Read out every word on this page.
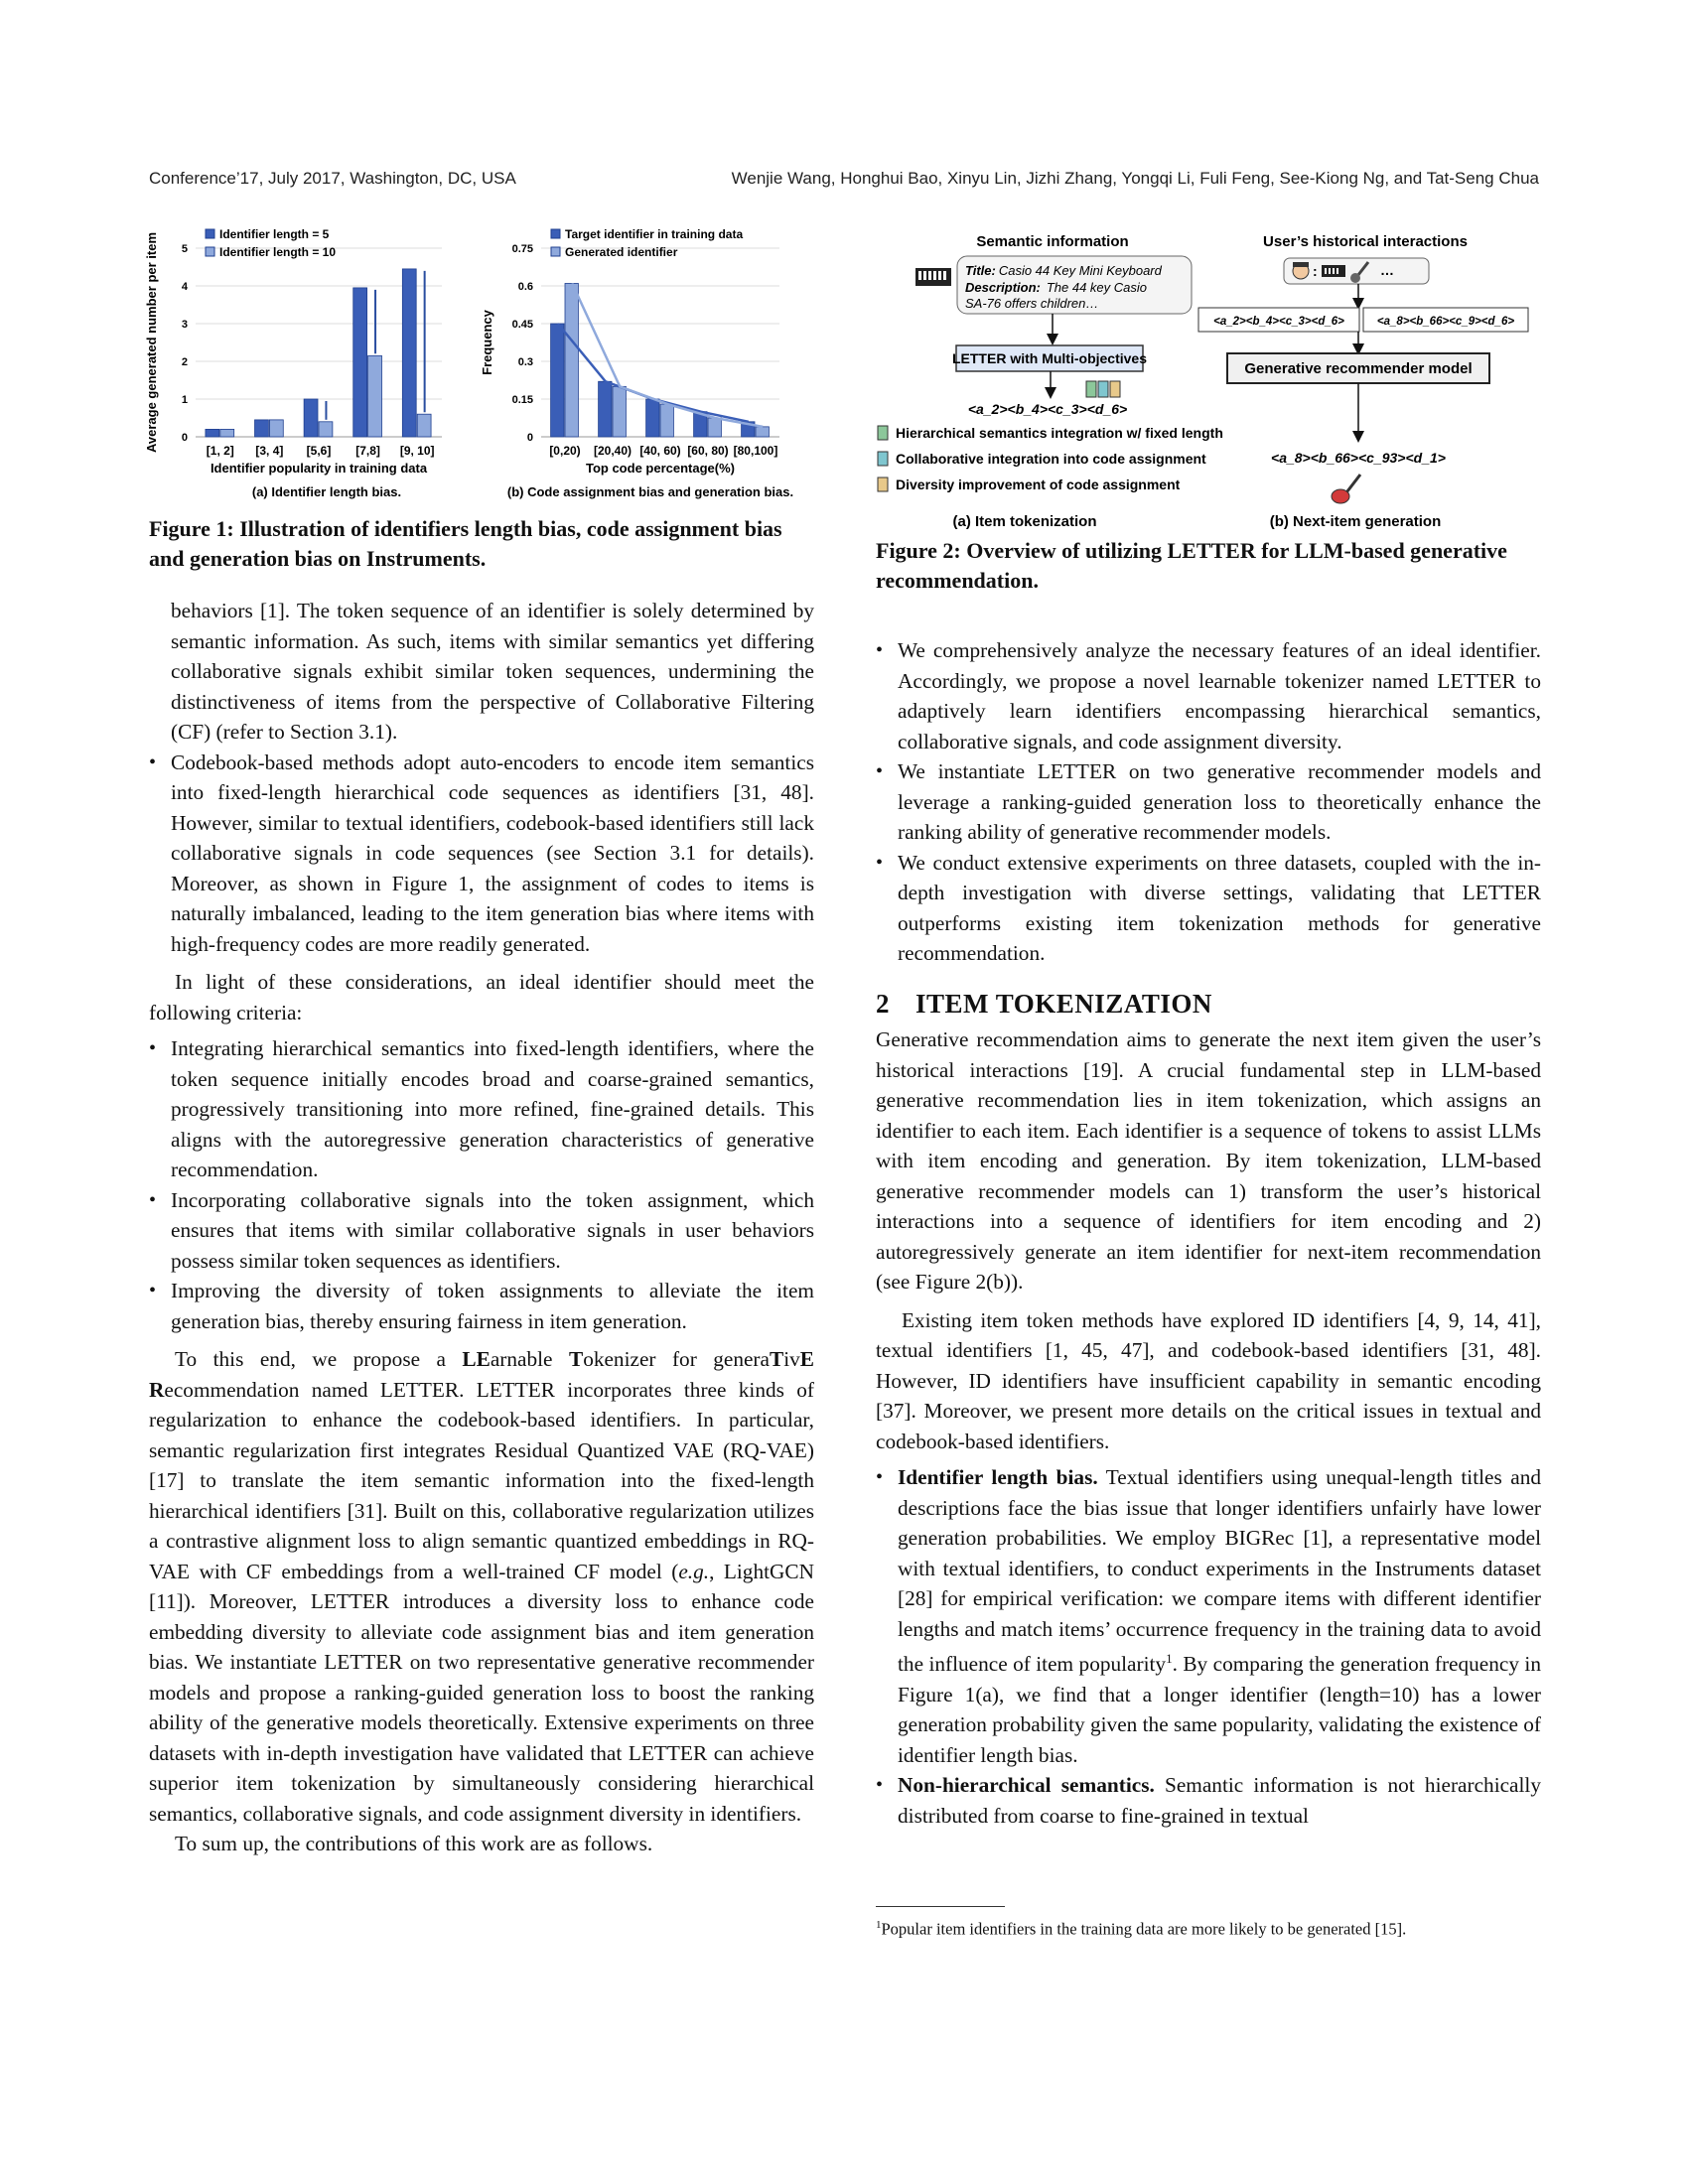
Conference’17, July 2017, Washington, DC, USA	Wenjie Wang, Honghui Bao, Xinyu Lin, Jizhi Zhang, Yongqi Li, Fuli Feng, See-Kiong Ng, and Tat-Seng Chua
0
1
2
3
4
5
[1, 2] [3, 4] [5,6] [7,8] [9, 10]
Identifier length = 5
Identifier length = 10
Identifier popularity in training data
Average generated number per item
(a) Identifier length bias.
0
0.15
0.3
0.45
0.6
0.75
[0,20) [20,40) [40, 60) [60, 80) [80,100]
Target identifier in training data
Generated identifier
Top code percentage(%)
Frequency
(b) Code assignment bias and generation bias.
Figure 1: Illustration of identifiers length bias, code assignment bias and generation bias on Instruments.
Semantic information	User’s historical interactions
Title: Casio 44 Key Mini Keyboard
Description: The 44 key Casio
SA-76 offers children…
LETTER with Multi-objectives
<a_2><b_4><c_3><d_6>
Hierarchical semantics integration w/ fixed length
Collaborative integration into code assignment
Diversity improvement of code assignment
:	…
<a_2><b_4><c_3><d_6>	<a_8><b_66><c_9><d_6>
Generative recommender model
<a_8><b_66><c_93><d_1>
(a) Item tokenization	(b) Next-item generation
Figure 2: Overview of utilizing LETTER for LLM-based generative recommendation.

behaviors [1]. The token sequence of an identifier is solely determined by semantic information. As such, items with similar semantics yet differing collaborative signals exhibit similar token sequences, undermining the distinctiveness of items from the perspective of Collaborative Filtering (CF) (refer to Section 3.1).

• Codebook-based methods adopt auto-encoders to encode item semantics into fixed-length hierarchical code sequences as identifiers [31, 48]. However, similar to textual identifiers, codebook-based identifiers still lack collaborative signals in code sequences (see Section 3.1 for details). Moreover, as shown in Figure 1, the assignment of codes to items is naturally imbalanced, leading to the item generation bias where items with high-frequency codes are more readily generated.

In light of these considerations, an ideal identifier should meet the following criteria:

• Integrating hierarchical semantics into fixed-length identifiers, where the token sequence initially encodes broad and coarse-grained semantics, progressively transitioning into more refined, fine-grained details. This aligns with the autoregressive generation characteristics of generative recommendation.

• Incorporating collaborative signals into the token assignment, which ensures that items with similar collaborative signals in user behaviors possess similar token sequences as identifiers.

• Improving the diversity of token assignments to alleviate the item generation bias, thereby ensuring fairness in item generation.

To this end, we propose a LEarnable Tokenizer for generaTivE Recommendation named LETTER. LETTER incorporates three kinds of regularization to enhance the codebook-based identifiers. In particular, semantic regularization first integrates Residual Quantized VAE (RQ-VAE) [17] to translate the item semantic information into the fixed-length hierarchical identifiers [31]. Built on this, collaborative regularization utilizes a contrastive alignment loss to align semantic quantized embeddings in RQ-VAE with CF embeddings from a well-trained CF model (e.g., LightGCN [11]). Moreover, LETTER introduces a diversity loss to enhance code embedding diversity to alleviate code assignment bias and item generation bias. We instantiate LETTER on two representative generative recommender models and propose a ranking-guided generation loss to boost the ranking ability of the generative models theoretically. Extensive experiments on three datasets with in-depth investigation have validated that LETTER can achieve superior item tokenization by simultaneously considering hierarchical semantics, collaborative signals, and code assignment diversity in identifiers.

To sum up, the contributions of this work are as follows.

• We comprehensively analyze the necessary features of an ideal identifier. Accordingly, we propose a novel learnable tokenizer named LETTER to adaptively learn identifiers encompassing hierarchical semantics, collaborative signals, and code assignment diversity.

• We instantiate LETTER on two generative recommender models and leverage a ranking-guided generation loss to theoretically enhance the ranking ability of generative recommender models.

• We conduct extensive experiments on three datasets, coupled with the in-depth investigation with diverse settings, validating that LETTER outperforms existing item tokenization methods for generative recommendation.

2 ITEM TOKENIZATION

Generative recommendation aims to generate the next item given the user’s historical interactions [19]. A crucial fundamental step in LLM-based generative recommendation lies in item tokenization, which assigns an identifier to each item. Each identifier is a sequence of tokens to assist LLMs with item encoding and generation. By item tokenization, LLM-based generative recommender models can 1) transform the user’s historical interactions into a sequence of identifiers for item encoding and 2) autoregressively generate an item identifier for next-item recommendation (see Figure 2(b)).

Existing item token methods have explored ID identifiers [4, 9, 14, 41], textual identifiers [1, 45, 47], and codebook-based identifiers [31, 48]. However, ID identifiers have insufficient capability in semantic encoding [37]. Moreover, we present more details on the critical issues in textual and codebook-based identifiers.

• Identifier length bias. Textual identifiers using unequal-length titles and descriptions face the bias issue that longer identifiers unfairly have lower generation probabilities. We employ BIGRec [1], a representative model with textual identifiers, to conduct experiments in the Instruments dataset [28] for empirical verification: we compare items with different identifier lengths and match items’ occurrence frequency in the training data to avoid the influence of item popularity$^1$. By comparing the generation frequency in Figure 1(a), we find that a longer identifier (length=10) has a lower generation probability given the same popularity, validating the existence of identifier length bias.

• Non-hierarchical semantics. Semantic information is not hierarchically distributed from coarse to fine-grained in textual

$^1$Popular item identifiers in the training data are more likely to be generated [15].
